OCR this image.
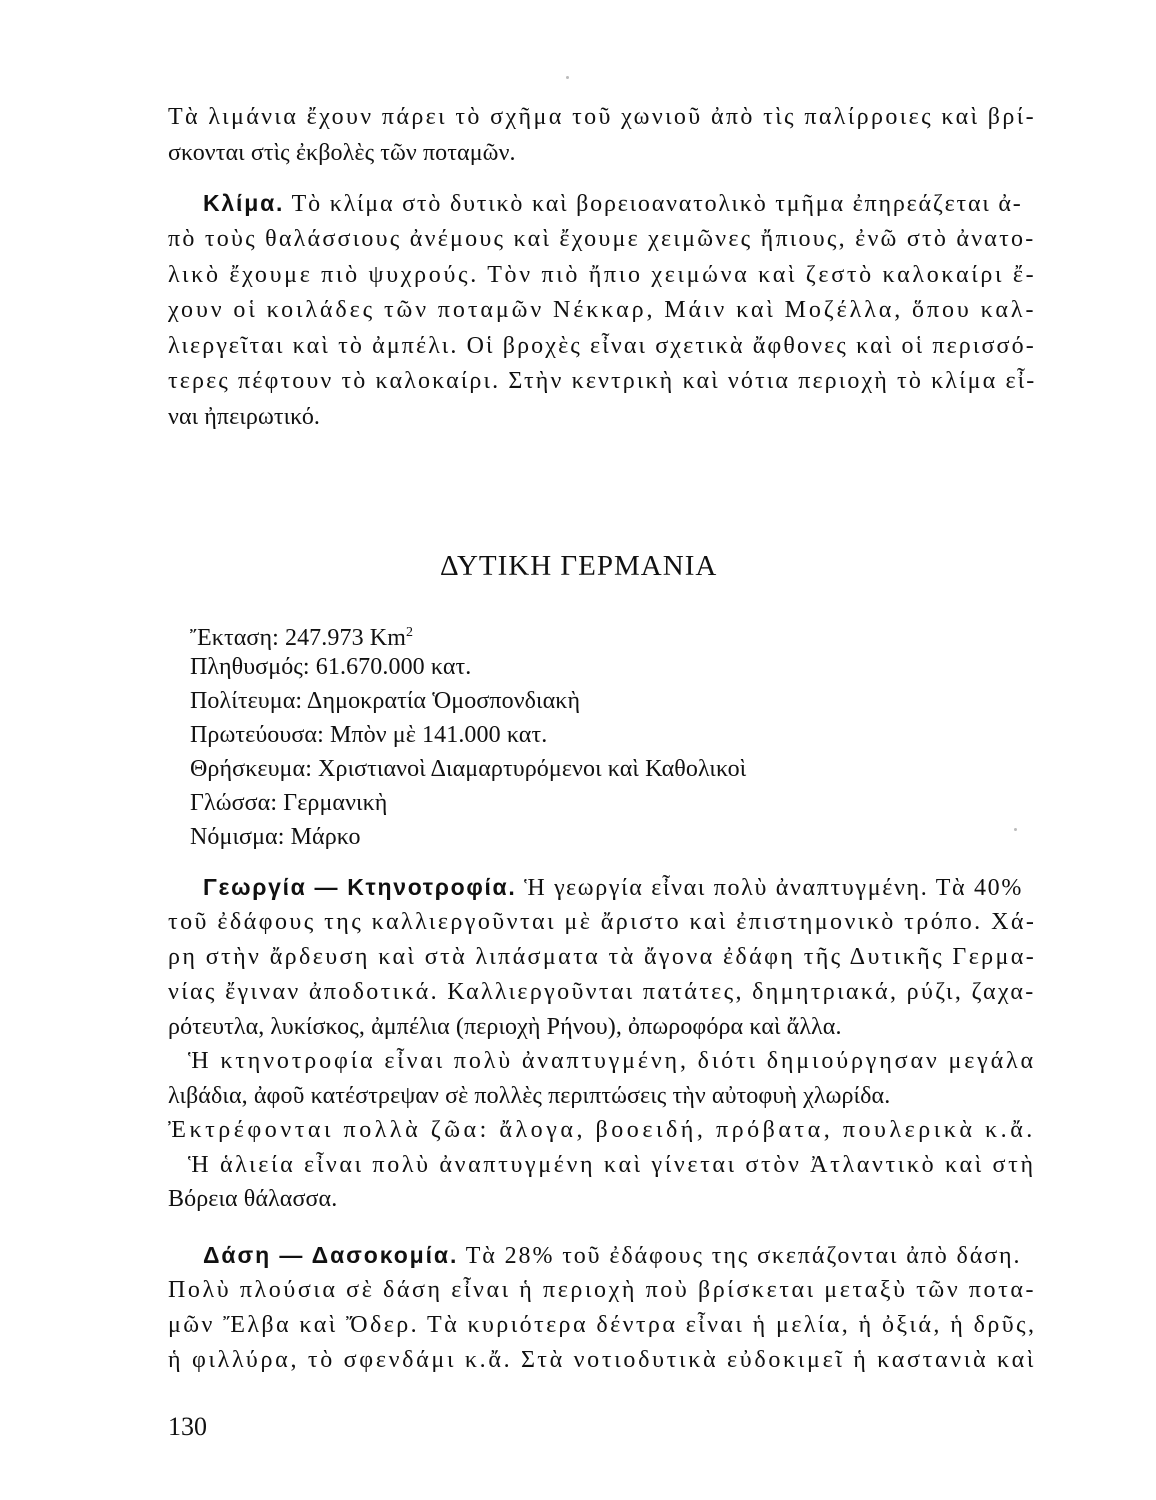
Τὰ λιμάνια ἔχουν πάρει τὸ σχῆμα τοῦ χωνιοῦ ἀπὸ τὶς παλίρροιες καὶ βρί-
σκονται στὶς ἐκβολὲς τῶν ποταμῶν.
Κλίμα. Τὸ κλίμα στὸ δυτικὸ καὶ βορειοανατολικὸ τμῆμα ἐπηρεάζεται ἀ-
πὸ τοὺς θαλάσσιους ἀνέμους καὶ ἔχουμε χειμῶνες ἤπιους, ἐνῶ στὸ ἀνατο-
λικὸ ἔχουμε πιὸ ψυχρούς. Τὸν πιὸ ἤπιο χειμώνα καὶ ζεστὸ καλοκαίρι ἔ-
χουν οἱ κοιλάδες τῶν ποταμῶν Νέκκαρ, Μάιν καὶ Μοζέλλα, ὅπου καλ-
λιεργεῖται καὶ τὸ ἀμπέλι. Οἱ βροχὲς εἶναι σχετικὰ ἄφθονες καὶ οἱ περισσό-
τερες πέφτουν τὸ καλοκαίρι. Στὴν κεντρικὴ καὶ νότια περιοχὴ τὸ κλίμα εἶ-
ναι ἠπειρωτικό.
ΔΥΤΙΚΗ ΓΕΡΜΑΝΙΑ
Ἔκταση: 247.973 Km$^2$
Πληθυσμός: 61.670.000 κατ.
Πολίτευμα: Δημοκρατία Ὁμοσπονδιακὴ
Πρωτεύουσα: Μπὸν μὲ 141.000 κατ.
Θρήσκευμα: Χριστιανοὶ Διαμαρτυρόμενοι καὶ Καθολικοὶ
Γλώσσα: Γερμανικὴ
Νόμισμα: Μάρκο
Γεωργία — Κτηνοτροφία. Ἡ γεωργία εἶναι πολὺ ἀναπτυγμένη. Τὰ 40%
τοῦ ἐδάφους της καλλιεργοῦνται μὲ ἄριστο καὶ ἐπιστημονικὸ τρόπο. Χά-
ρη στὴν ἄρδευση καὶ στὰ λιπάσματα τὰ ἄγονα ἐδάφη τῆς Δυτικῆς Γερμα-
νίας ἔγιναν ἀποδοτικά. Καλλιεργοῦνται πατάτες, δημητριακά, ρύζι, ζαχα-
ρότευτλα, λυκίσκος, ἀμπέλια (περιοχὴ Ρήνου), ὀπωροφόρα καὶ ἄλλα.
Ἡ κτηνοτροφία εἶναι πολὺ ἀναπτυγμένη, διότι δημιούργησαν μεγάλα
λιβάδια, ἀφοῦ κατέστρεψαν σὲ πολλὲς περιπτώσεις τὴν αὐτοφυὴ χλωρίδα.
Ἐκτρέφονται πολλὰ ζῶα: ἄλογα, βοοειδή, πρόβατα, πουλερικὰ κ.ἄ.
Ἡ ἁλιεία εἶναι πολὺ ἀναπτυγμένη καὶ γίνεται στὸν Ἀτλαντικὸ καὶ στὴ
Βόρεια θάλασσα.
Δάση — Δασοκομία. Τὰ 28% τοῦ ἐδάφους της σκεπάζονται ἀπὸ δάση.
Πολὺ πλούσια σὲ δάση εἶναι ἡ περιοχὴ ποὺ βρίσκεται μεταξὺ τῶν ποτα-
μῶν Ἔλβα καὶ Ὄδερ. Τὰ κυριότερα δέντρα εἶναι ἡ μελία, ἡ ὀξιά, ἡ δρῦς,
ἡ φιλλύρα, τὸ σφενδάμι κ.ἄ. Στὰ νοτιοδυτικὰ εὐδοκιμεῖ ἡ καστανιὰ καὶ
130
